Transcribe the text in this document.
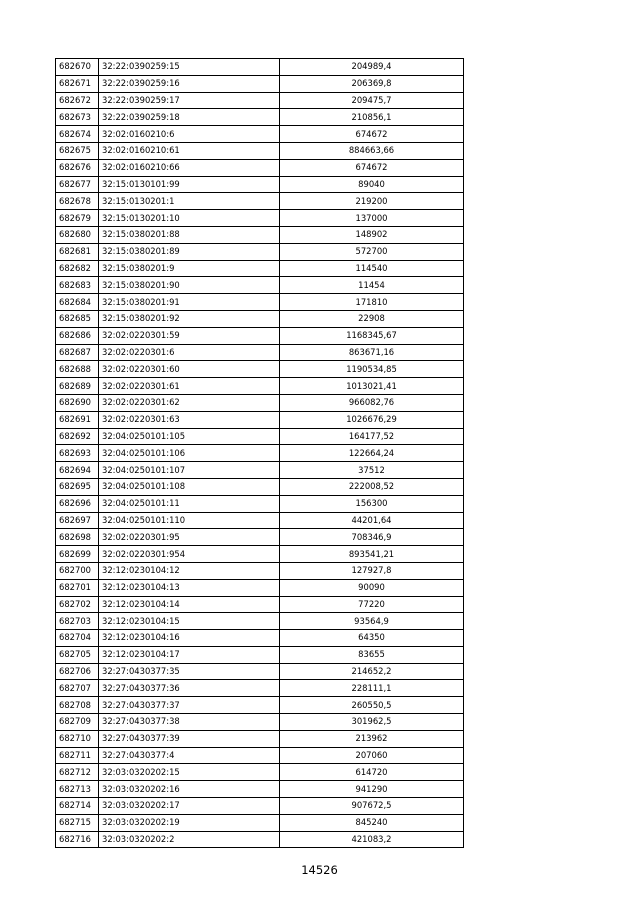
682670	32:22:0390259:15	204989,4
682671	32:22:0390259:16	206369,8
682672	32:22:0390259:17	209475,7
682673	32:22:0390259:18	210856,1
682674	32:02:0160210:6	674672
682675	32:02:0160210:61	884663,66
682676	32:02:0160210:66	674672
682677	32:15:0130101:99	89040
682678	32:15:0130201:1	219200
682679	32:15:0130201:10	137000
682680	32:15:0380201:88	148902
682681	32:15:0380201:89	572700
682682	32:15:0380201:9	114540
682683	32:15:0380201:90	11454
682684	32:15:0380201:91	171810
682685	32:15:0380201:92	22908
682686	32:02:0220301:59	1168345,67
682687	32:02:0220301:6	863671,16
682688	32:02:0220301:60	1190534,85
682689	32:02:0220301:61	1013021,41
682690	32:02:0220301:62	966082,76
682691	32:02:0220301:63	1026676,29
682692	32:04:0250101:105	164177,52
682693	32:04:0250101:106	122664,24
682694	32:04:0250101:107	37512
682695	32:04:0250101:108	222008,52
682696	32:04:0250101:11	156300
682697	32:04:0250101:110	44201,64
682698	32:02:0220301:95	708346,9
682699	32:02:0220301:954	893541,21
682700	32:12:0230104:12	127927,8
682701	32:12:0230104:13	90090
682702	32:12:0230104:14	77220
682703	32:12:0230104:15	93564,9
682704	32:12:0230104:16	64350
682705	32:12:0230104:17	83655
682706	32:27:0430377:35	214652,2
682707	32:27:0430377:36	228111,1
682708	32:27:0430377:37	260550,5
682709	32:27:0430377:38	301962,5
682710	32:27:0430377:39	213962
682711	32:27:0430377:4	207060
682712	32:03:0320202:15	614720
682713	32:03:0320202:16	941290
682714	32:03:0320202:17	907672,5
682715	32:03:0320202:19	845240
682716	32:03:0320202:2	421083,2
14526
